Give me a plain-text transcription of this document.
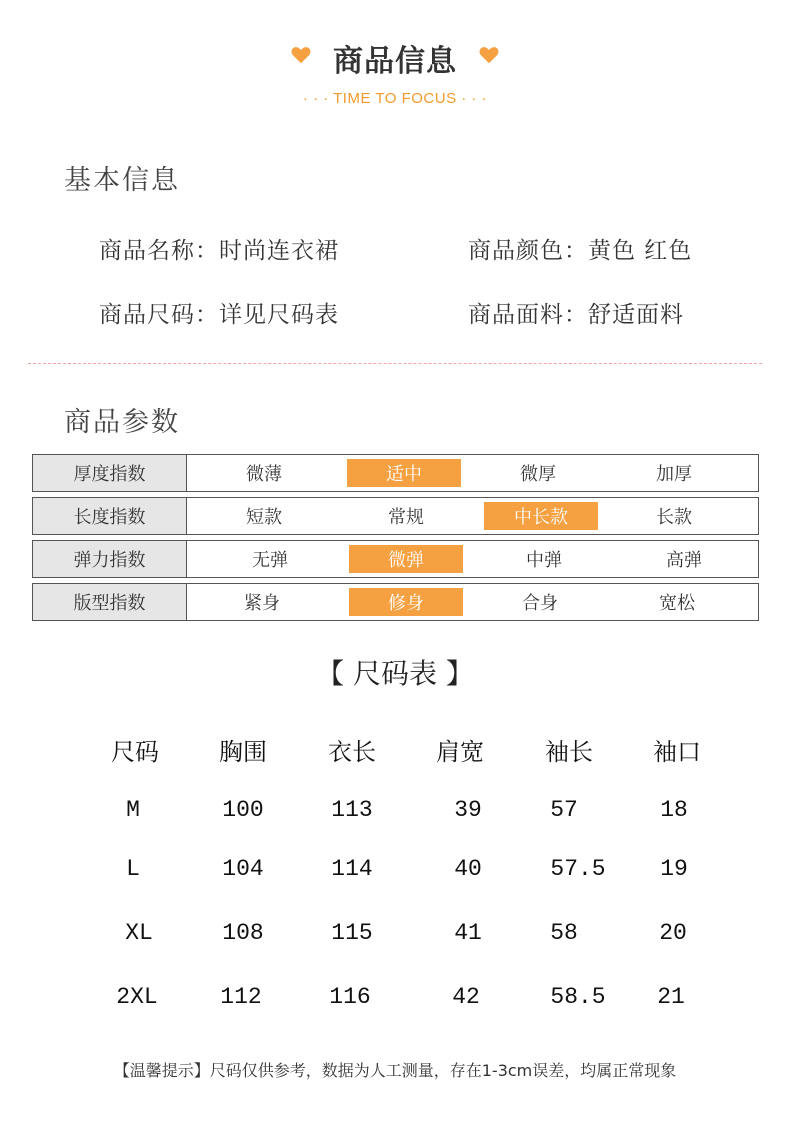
商品信息
· · · TIME TO FOCUS · · ·
基本信息
商品名称：时尚连衣裙	商品颜色：黄色 红色
商品尺码：详见尺码表	商品面料：舒适面料
商品参数
厚度指数	微薄	适中	微厚	加厚
长度指数	短款	常规	中长款	长款
弹力指数	无弹	微弹	中弹	高弹
版型指数	紧身	修身	合身	宽松
【 尺码表 】
尺码	胸围	衣长	肩宽	袖长	袖口
M	100	113	39	57	18
L	104	114	40	57.5	19
XL	108	115	41	58	20
2XL	112	116	42	58.5	21
【温馨提示】尺码仅供参考，数据为人工测量，存在1-3cm误差，均属正常现象
